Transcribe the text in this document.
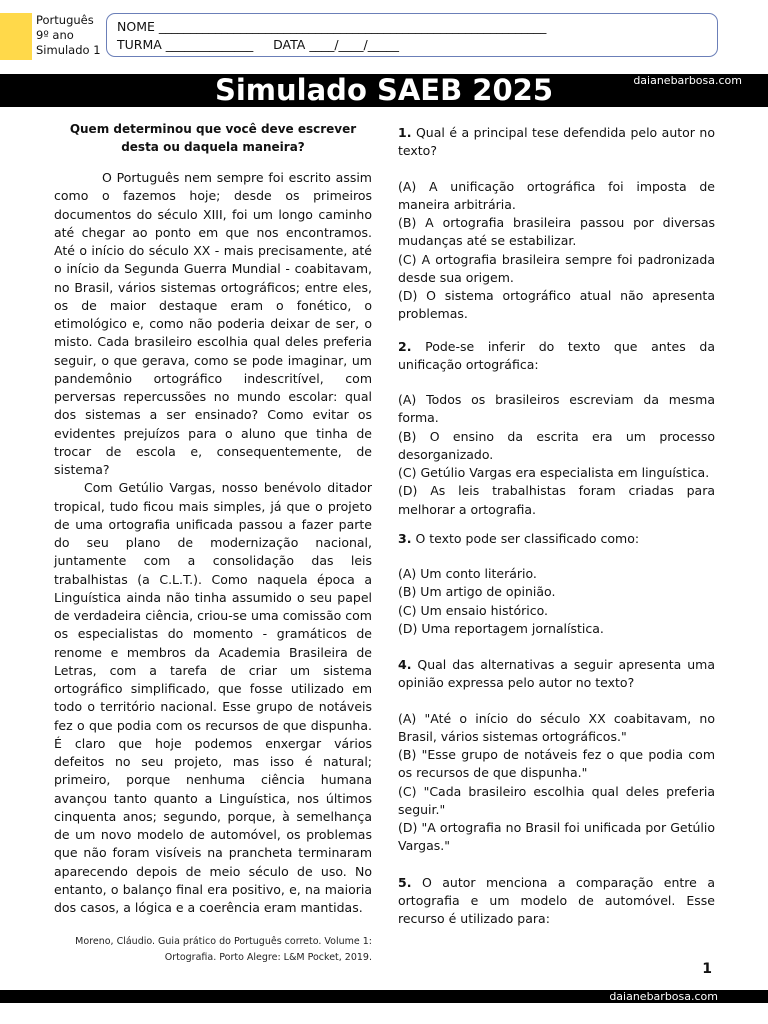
Português
9º ano
Simulado 1
NOME ______________________________________________________________
TURMA ______________     DATA ____/____/_____
Simulado SAEB 2025	daianebarbosa.com
Quem determinou que você deve escrever desta ou daquela maneira?

O Português nem sempre foi escrito assim como o fazemos hoje; desde os primeiros documentos do século XIII, foi um longo caminho até chegar ao ponto em que nos encontramos. Até o início do século XX - mais precisamente, até o início da Segunda Guerra Mundial - coabitavam, no Brasil, vários sistemas ortográficos; entre eles, os de maior destaque eram o fonético, o etimológico e, como não poderia deixar de ser, o misto. Cada brasileiro escolhia qual deles preferia seguir, o que gerava, como se pode imaginar, um pandemônio ortográfico indescritível, com perversas repercussões no mundo escolar: qual dos sistemas a ser ensinado? Como evitar os evidentes prejuízos para o aluno que tinha de trocar de escola e, consequentemente, de sistema?

Com Getúlio Vargas, nosso benévolo ditador tropical, tudo ficou mais simples, já que o projeto de uma ortografia unificada passou a fazer parte do seu plano de modernização nacional, juntamente com a consolidação das leis trabalhistas (a C.L.T.). Como naquela época a Linguística ainda não tinha assumido o seu papel de verdadeira ciência, criou-se uma comissão com os especialistas do momento - gramáticos de renome e membros da Academia Brasileira de Letras, com a tarefa de criar um sistema ortográfico simplificado, que fosse utilizado em todo o território nacional. Esse grupo de notáveis fez o que podia com os recursos de que dispunha. É claro que hoje podemos enxergar vários defeitos no seu projeto, mas isso é natural; primeiro, porque nenhuma ciência humana avançou tanto quanto a Linguística, nos últimos cinquenta anos; segundo, porque, à semelhança de um novo modelo de automóvel, os problemas que não foram visíveis na prancheta terminaram aparecendo depois de meio século de uso. No entanto, o balanço final era positivo, e, na maioria dos casos, a lógica e a coerência eram mantidas.

Moreno, Cláudio. Guia prático do Português correto. Volume 1: Ortografia. Porto Alegre: L&M Pocket, 2019.
1. Qual é a principal tese defendida pelo autor no texto?
(A) A unificação ortográfica foi imposta de maneira arbitrária.
(B) A ortografia brasileira passou por diversas mudanças até se estabilizar.
(C) A ortografia brasileira sempre foi padronizada desde sua origem.
(D) O sistema ortográfico atual não apresenta problemas.
2. Pode-se inferir do texto que antes da unificação ortográfica:
(A) Todos os brasileiros escreviam da mesma forma.
(B) O ensino da escrita era um processo desorganizado.
(C) Getúlio Vargas era especialista em linguística.
(D) As leis trabalhistas foram criadas para melhorar a ortografia.
3. O texto pode ser classificado como:
(A) Um conto literário.
(B) Um artigo de opinião.
(C) Um ensaio histórico.
(D) Uma reportagem jornalística.
4. Qual das alternativas a seguir apresenta uma opinião expressa pelo autor no texto?
(A) "Até o início do século XX coabitavam, no Brasil, vários sistemas ortográficos."
(B) "Esse grupo de notáveis fez o que podia com os recursos de que dispunha."
(C) "Cada brasileiro escolhia qual deles preferia seguir."
(D) "A ortografia no Brasil foi unificada por Getúlio Vargas."
5. O autor menciona a comparação entre a ortografia e um modelo de automóvel. Esse recurso é utilizado para:
1
daianebarbosa.com
